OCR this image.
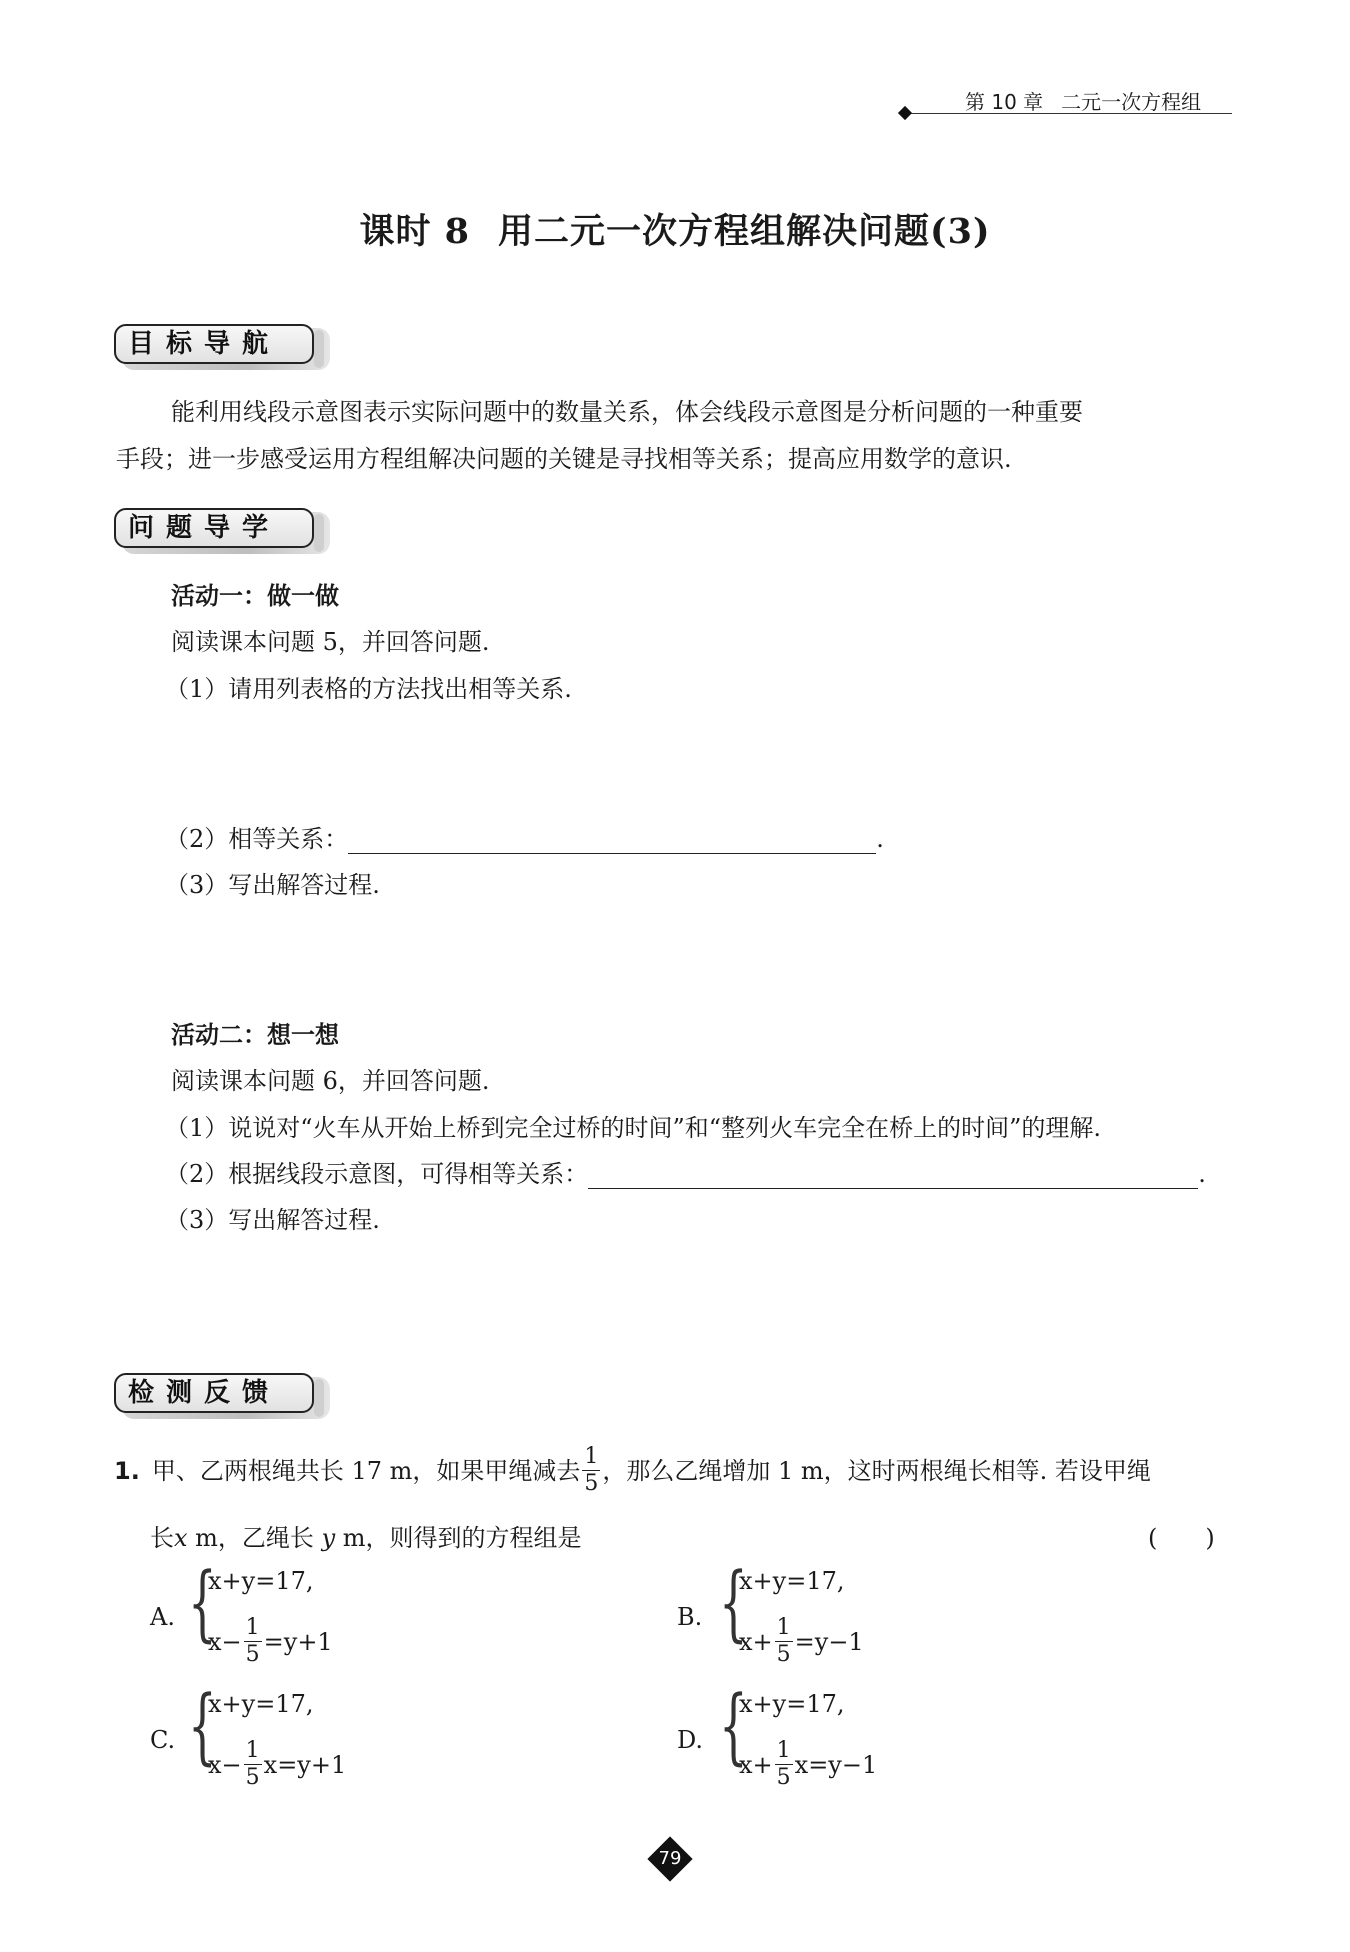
第 10 章 二元一次方程组
课时 8 用二元一次方程组解决问题(3)
目标导航
能利用线段示意图表示实际问题中的数量关系，体会线段示意图是分析问题的一种重要
手段；进一步感受运用方程组解决问题的关键是寻找相等关系；提高应用数学的意识.
问题导学
活动一：做一做
阅读课本问题 5，并回答问题.
（1）请用列表格的方法找出相等关系.
（2）相等关系：	.
（3）写出解答过程.
活动二：想一想
阅读课本问题 6，并回答问题.
（1）说说对“火车从开始上桥到完全过桥的时间”和“整列火车完全在桥上的时间”的理解.
（2）根据线段示意图，可得相等关系：	.
（3）写出解答过程.
检测反馈
1. 甲、乙两根绳共长 17 m，如果甲绳减去 $\frac{1}{5}$ ，那么乙绳增加 1 m，这时两根绳长相等. 若设甲绳
长x m，乙绳长 y m，则得到的方程组是	(　　)
A. {
x+y=17,
$x- \frac{1}{5} =y+1$
B. {
x+y=17,
$x+ \frac{1}{5} =y-1$
C. {
x+y=17,
$x- \frac{1}{5} x=y+1$
D. {
x+y=17,
$x+ \frac{1}{5} x=y-1$
79
